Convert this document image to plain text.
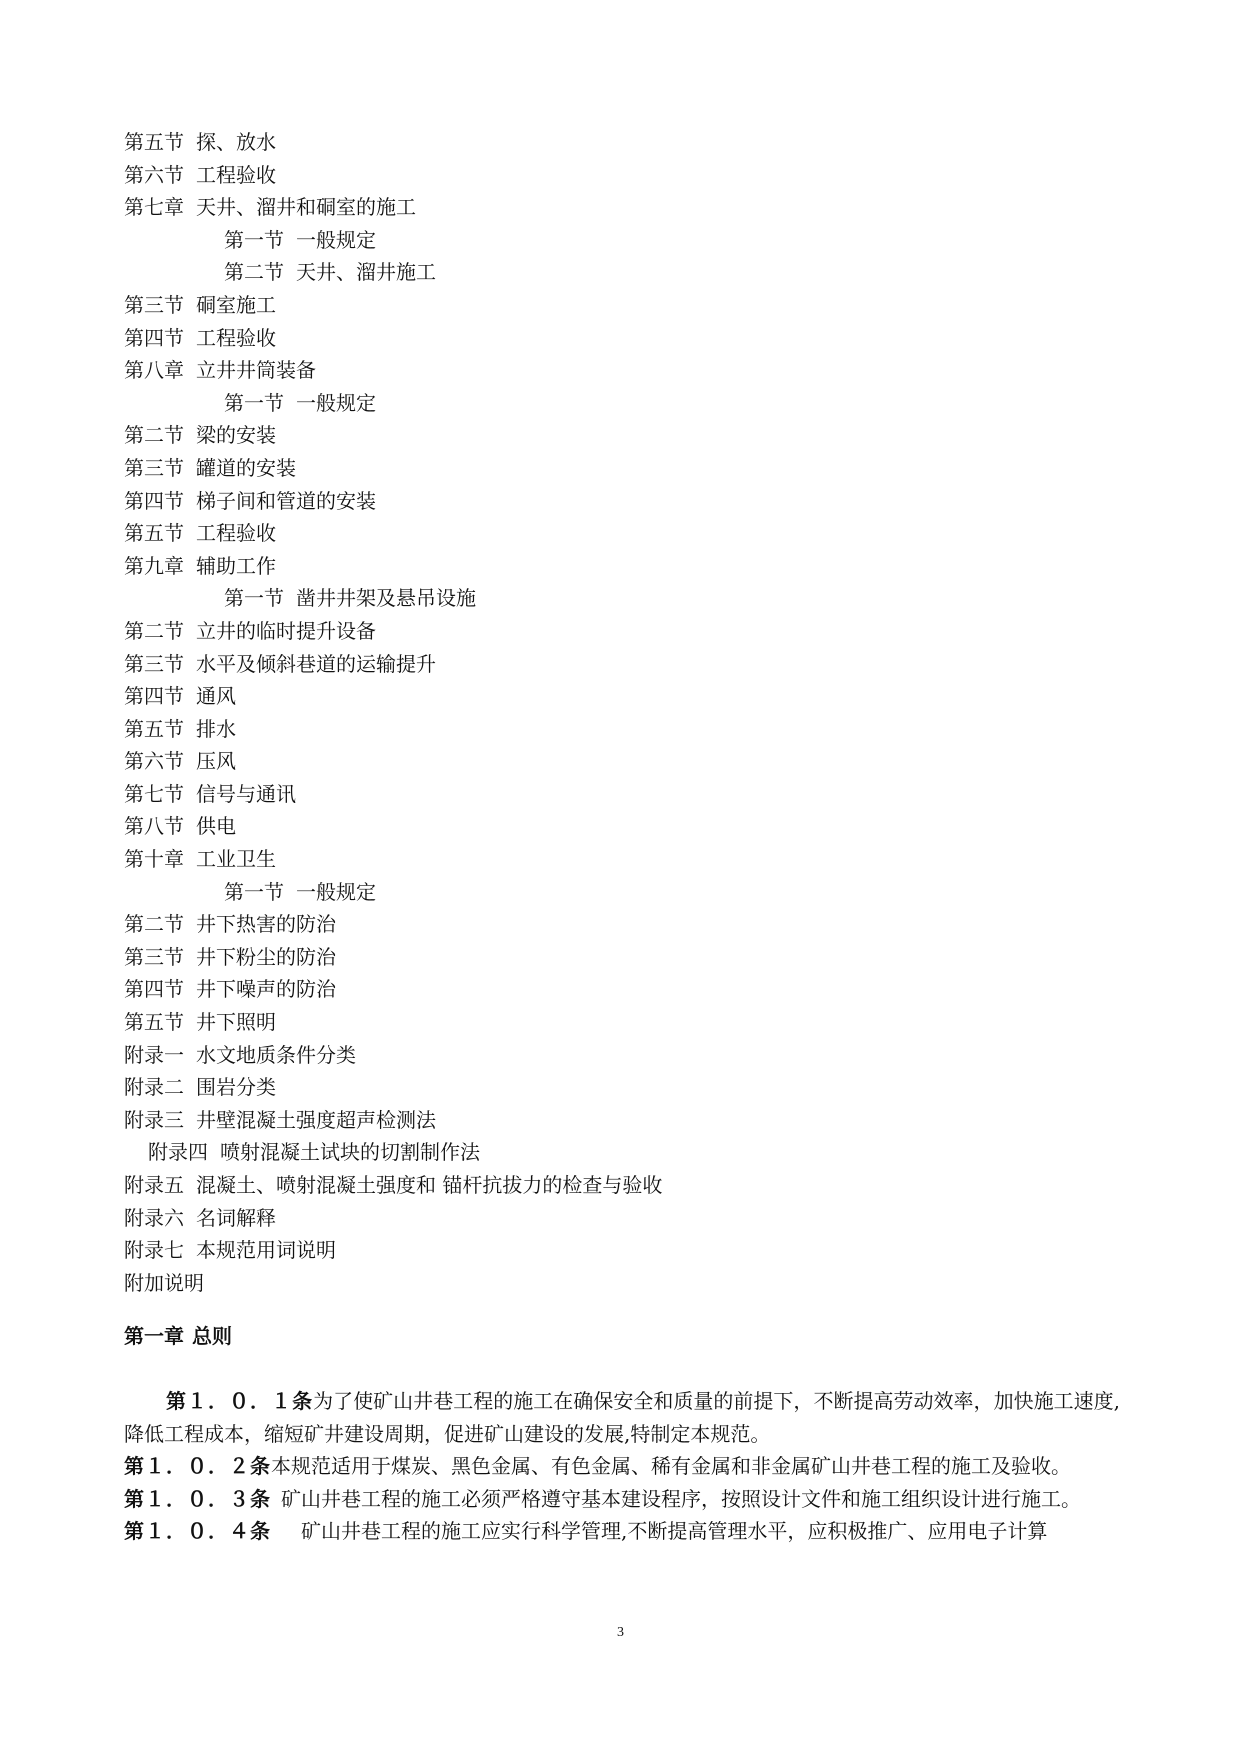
第五节 探、放水
第六节 工程验收
第七章 天井、溜井和硐室的施工
第一节 一般规定
第二节 天井、溜井施工
第三节 硐室施工
第四节 工程验收
第八章 立井井筒装备
第一节 一般规定
第二节 梁的安装
第三节 罐道的安装
第四节 梯子间和管道的安装
第五节 工程验收
第九章 辅助工作
第一节 凿井井架及悬吊设施
第二节 立井的临时提升设备
第三节 水平及倾斜巷道的运输提升
第四节 通风
第五节 排水
第六节 压风
第七节 信号与通讯
第八节 供电
第十章 工业卫生
第一节 一般规定
第二节 井下热害的防治
第三节 井下粉尘的防治
第四节 井下噪声的防治
第五节 井下照明
附录一 水文地质条件分类
附录二 围岩分类
附录三 井壁混凝土强度超声检测法
附录四 喷射混凝土试块的切割制作法
附录五 混凝土、喷射混凝土强度和 锚杆抗拔力的检查与验收
附录六 名词解释
附录七 本规范用词说明
附加说明
第一章 总则

第１．０．１条为了使矿山井巷工程的施工在确保安全和质量的前提下，不断提高劳动效率，加快施工速度,降低工程成本，缩短矿井建设周期，促进矿山建设的发展,特制定本规范。

第１．０．２条本规范适用于煤炭、黑色金属、有色金属、稀有金属和非金属矿山井巷工程的施工及验收。

第１．０．３条 矿山井巷工程的施工必须严格遵守基本建设程序，按照设计文件和施工组织设计进行施工。

第１．０．４条 矿山井巷工程的施工应实行科学管理,不断提高管理水平，应积极推广、应用电子计算

3
